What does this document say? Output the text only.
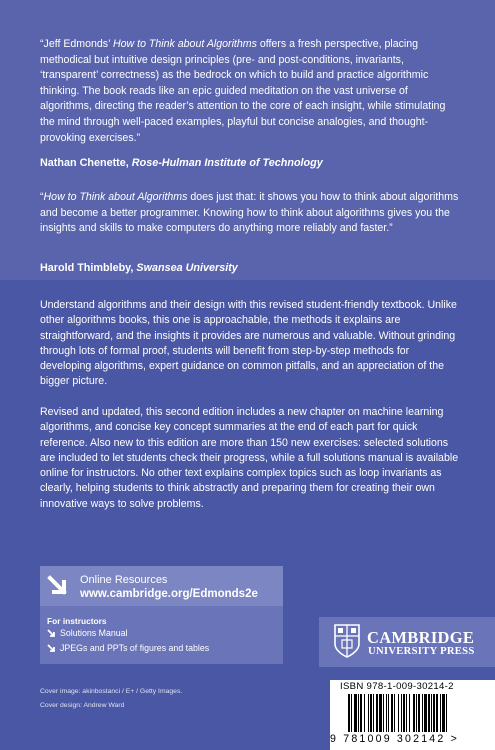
“Jeff Edmonds’ How to Think about Algorithms offers a fresh perspective, placing methodical but intuitive design principles (pre- and post-conditions, invariants, ‘transparent’ correctness) as the bedrock on which to build and practice algorithmic thinking. The book reads like an epic guided meditation on the vast universe of algorithms, directing the reader’s attention to the core of each insight, while stimulating the mind through well-paced examples, playful but concise analogies, and thought-provoking exercises.”
Nathan Chenette, Rose-Hulman Institute of Technology
“How to Think about Algorithms does just that: it shows you how to think about algorithms and become a better programmer. Knowing how to think about algorithms gives you the insights and skills to make computers do anything more reliably and faster.”
Harold Thimbleby, Swansea University
Understand algorithms and their design with this revised student-friendly textbook. Unlike other algorithms books, this one is approachable, the methods it explains are straightforward, and the insights it provides are numerous and valuable. Without grinding through lots of formal proof, students will benefit from step-by-step methods for developing algorithms, expert guidance on common pitfalls, and an appreciation of the bigger picture.
Revised and updated, this second edition includes a new chapter on machine learning algorithms, and concise key concept summaries at the end of each part for quick reference. Also new to this edition are more than 150 new exercises: selected solutions are included to let students check their progress, while a full solutions manual is available online for instructors. No other text explains complex topics such as loop invariants as clearly, helping students to think abstractly and preparing them for creating their own innovative ways to solve problems.
Online Resources
www.cambridge.org/Edmonds2e
For instructors
Solutions Manual
JPEGs and PPTs of figures and tables
Cover image: akinbostanci / E+ / Getty Images.
Cover design: Andrew Ward
CAMBRIDGE
UNIVERSITY PRESS
ISBN 978-1-009-30214-2
9 781009 302142 >
